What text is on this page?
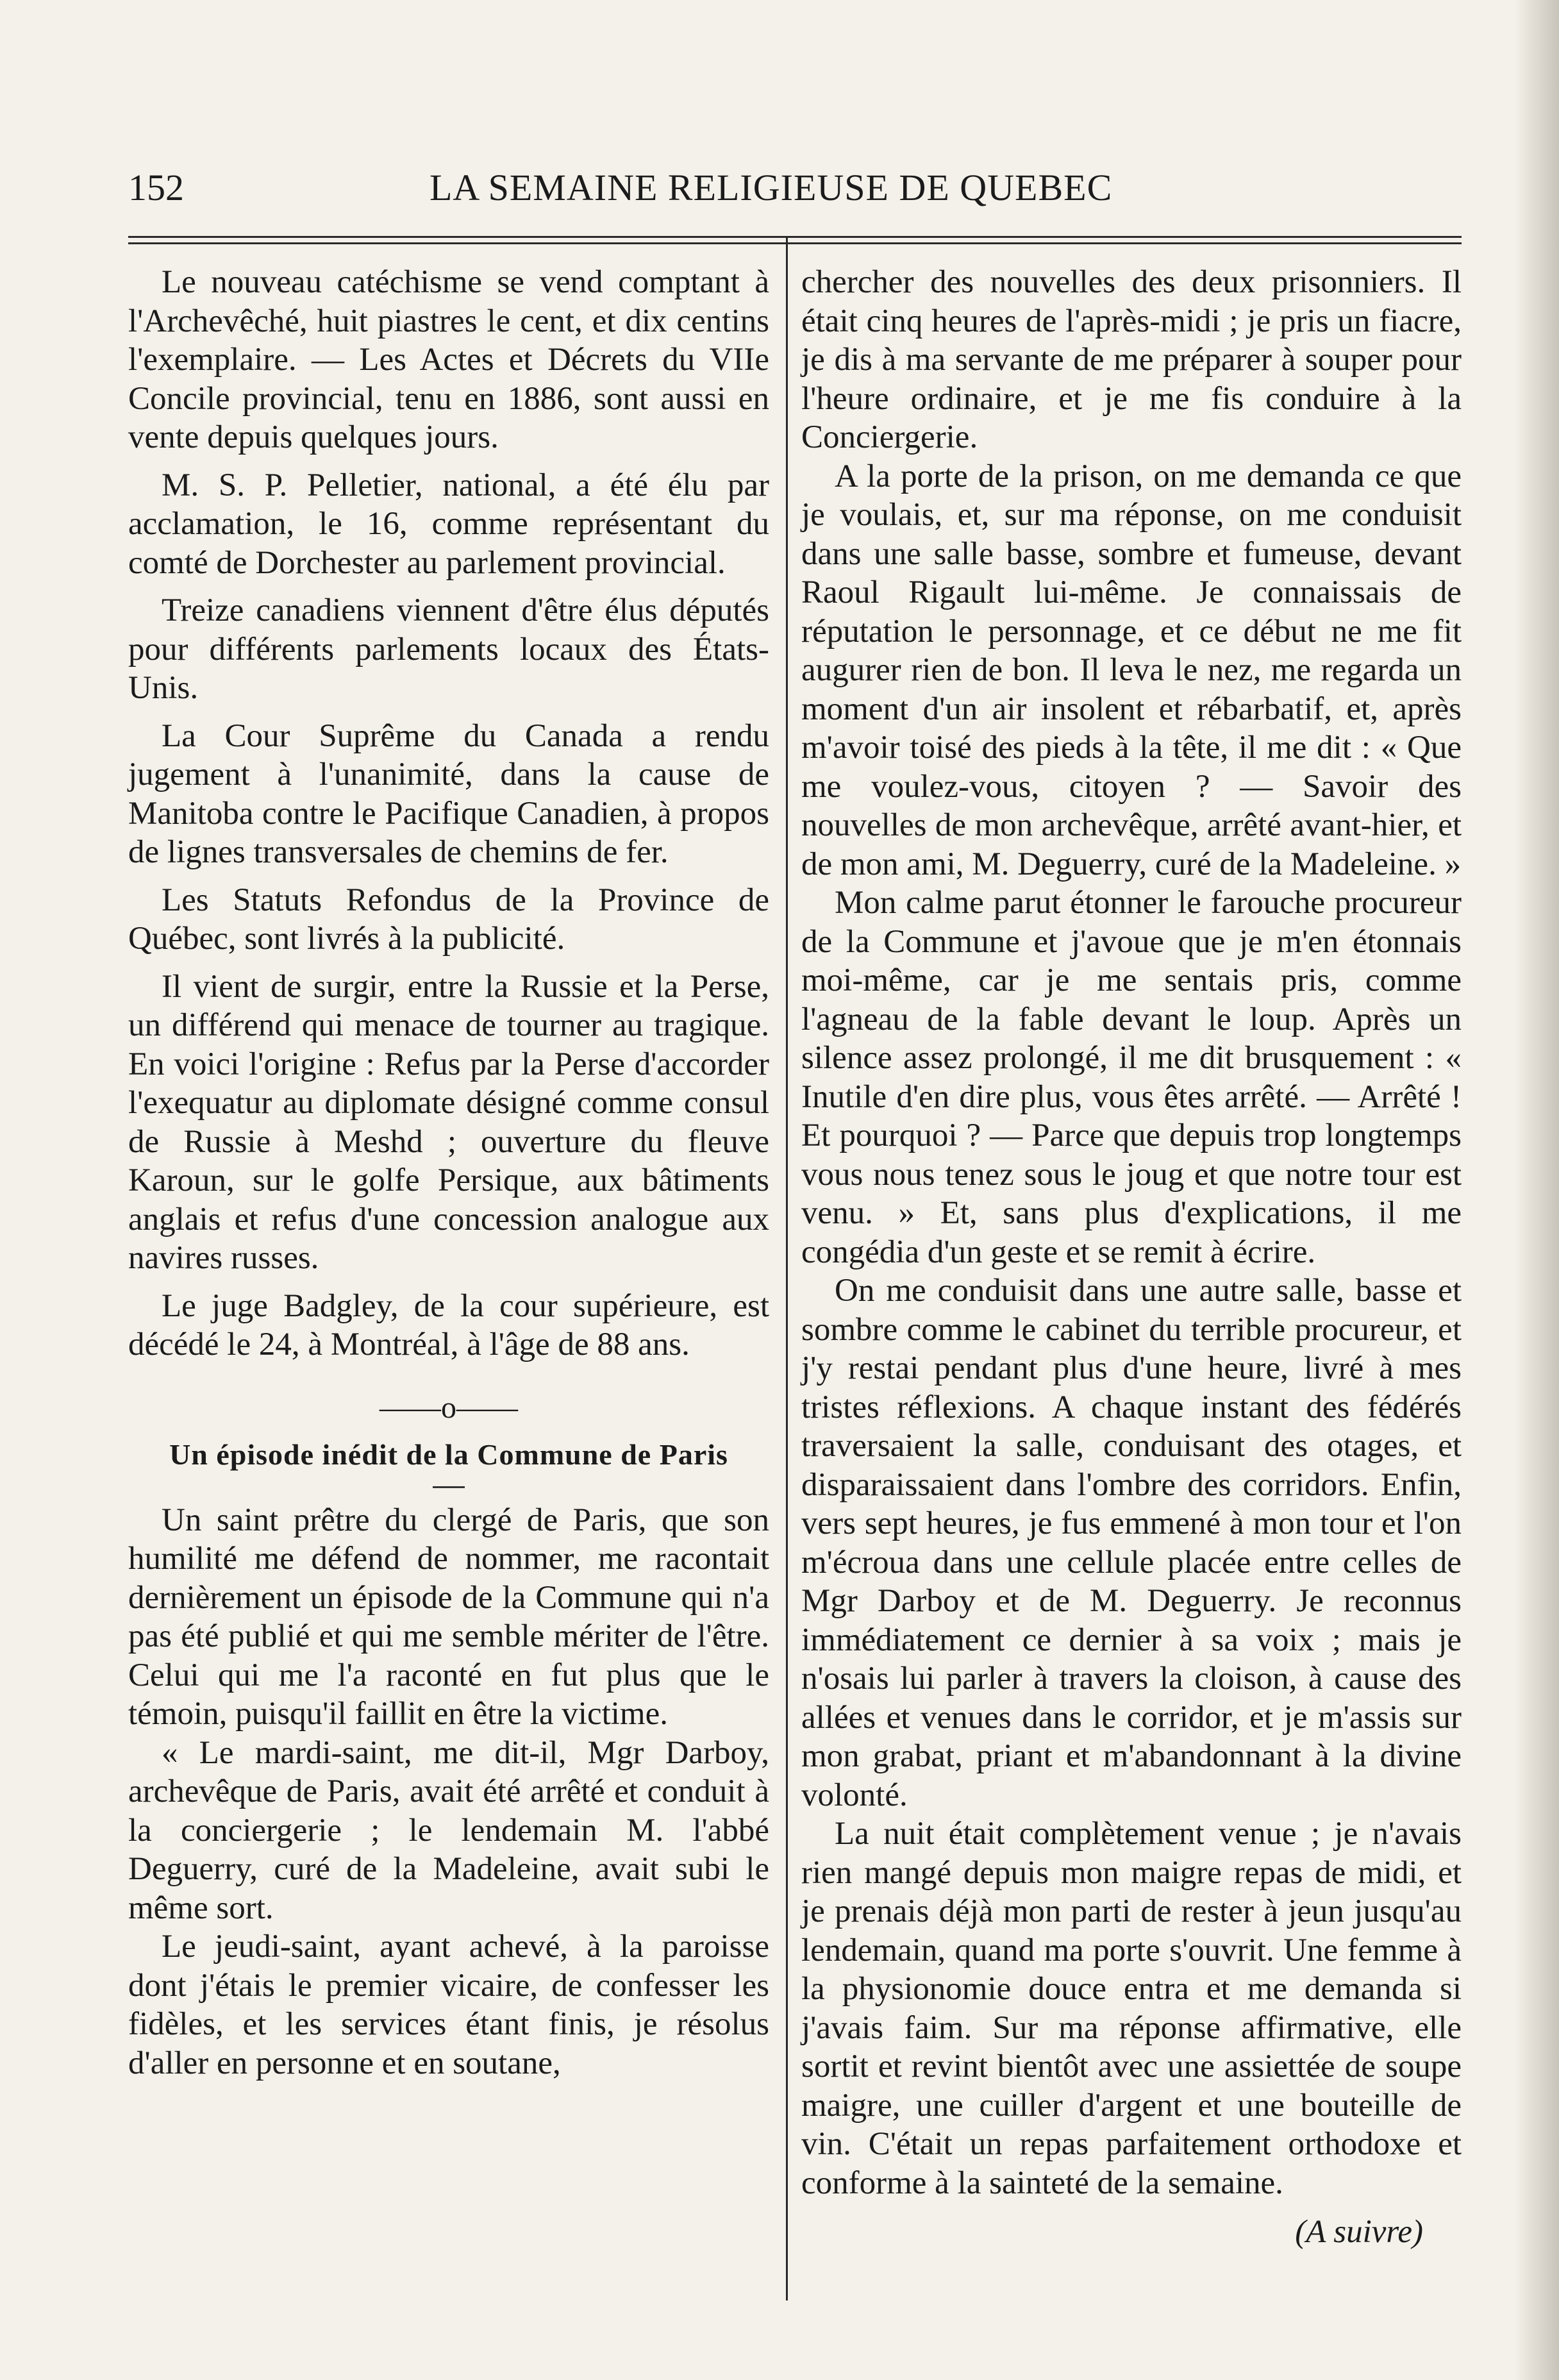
152	LA SEMAINE RELIGIEUSE DE QUEBEC

Le nouveau catéchisme se vend comptant à l'Archevêché, huit piastres le cent, et dix centins l'exemplaire. — Les Actes et Décrets du VIIe Concile provincial, tenu en 1886, sont aussi en vente depuis quelques jours.

M. S. P. Pelletier, national, a été élu par acclamation, le 16, comme représentant du comté de Dorchester au parlement provincial.

Treize canadiens viennent d'être élus députés pour différents parlements locaux des États-Unis.

La Cour Suprême du Canada a rendu jugement à l'unanimité, dans la cause de Manitoba contre le Pacifique Canadien, à propos de lignes transversales de chemins de fer.

Les Statuts Refondus de la Province de Québec, sont livrés à la publicité.

Il vient de surgir, entre la Russie et la Perse, un différend qui menace de tourner au tragique. En voici l'origine : Refus par la Perse d'accorder l'exequatur au diplomate désigné comme consul de Russie à Meshd ; ouverture du fleuve Karoun, sur le golfe Persique, aux bâtiments anglais et refus d'une concession analogue aux navires russes.

Le juge Badgley, de la cour supérieure, est décédé le 24, à Montréal, à l'âge de 88 ans.

——o——
Un épisode inédit de la Commune de Paris

Un saint prêtre du clergé de Paris, que son humilité me défend de nommer, me racontait dernièrement un épisode de la Commune qui n'a pas été publié et qui me semble mériter de l'être. Celui qui me l'a raconté en fut plus que le témoin, puisqu'il faillit en être la victime.

« Le mardi-saint, me dit-il, Mgr Darboy, archevêque de Paris, avait été arrêté et conduit à la conciergerie ; le lendemain M. l'abbé Deguerry, curé de la Madeleine, avait subi le même sort.

Le jeudi-saint, ayant achevé, à la paroisse dont j'étais le premier vicaire, de confesser les fidèles, et les services étant finis, je résolus d'aller en personne et en soutane,

chercher des nouvelles des deux prisonniers. Il était cinq heures de l'après-midi ; je pris un fiacre, je dis à ma servante de me préparer à souper pour l'heure ordinaire, et je me fis conduire à la Conciergerie.

A la porte de la prison, on me demanda ce que je voulais, et, sur ma réponse, on me conduisit dans une salle basse, sombre et fumeuse, devant Raoul Rigault lui-même. Je connaissais de réputation le personnage, et ce début ne me fit augurer rien de bon. Il leva le nez, me regarda un moment d'un air insolent et rébarbatif, et, après m'avoir toisé des pieds à la tête, il me dit : « Que me voulez-vous, citoyen ? — Savoir des nouvelles de mon archevêque, arrêté avant-hier, et de mon ami, M. Deguerry, curé de la Madeleine. »

Mon calme parut étonner le farouche procureur de la Commune et j'avoue que je m'en étonnais moi-même, car je me sentais pris, comme l'agneau de la fable devant le loup. Après un silence assez prolongé, il me dit brusquement : « Inutile d'en dire plus, vous êtes arrêté. — Arrêté ! Et pourquoi ? — Parce que depuis trop longtemps vous nous tenez sous le joug et que notre tour est venu. » Et, sans plus d'explications, il me congédia d'un geste et se remit à écrire.

On me conduisit dans une autre salle, basse et sombre comme le cabinet du terrible procureur, et j'y restai pendant plus d'une heure, livré à mes tristes réflexions. A chaque instant des fédérés traversaient la salle, conduisant des otages, et disparaissaient dans l'ombre des corridors. Enfin, vers sept heures, je fus emmené à mon tour et l'on m'écroua dans une cellule placée entre celles de Mgr Darboy et de M. Deguerry. Je reconnus immédiatement ce dernier à sa voix ; mais je n'osais lui parler à travers la cloison, à cause des allées et venues dans le corridor, et je m'assis sur mon grabat, priant et m'abandonnant à la divine volonté.

La nuit était complètement venue ; je n'avais rien mangé depuis mon maigre repas de midi, et je prenais déjà mon parti de rester à jeun jusqu'au lendemain, quand ma porte s'ouvrit. Une femme à la physionomie douce entra et me demanda si j'avais faim. Sur ma réponse affirmative, elle sortit et revint bientôt avec une assiettée de soupe maigre, une cuiller d'argent et une bouteille de vin. C'était un repas parfaitement orthodoxe et conforme à la sainteté de la semaine.

(A suivre)
